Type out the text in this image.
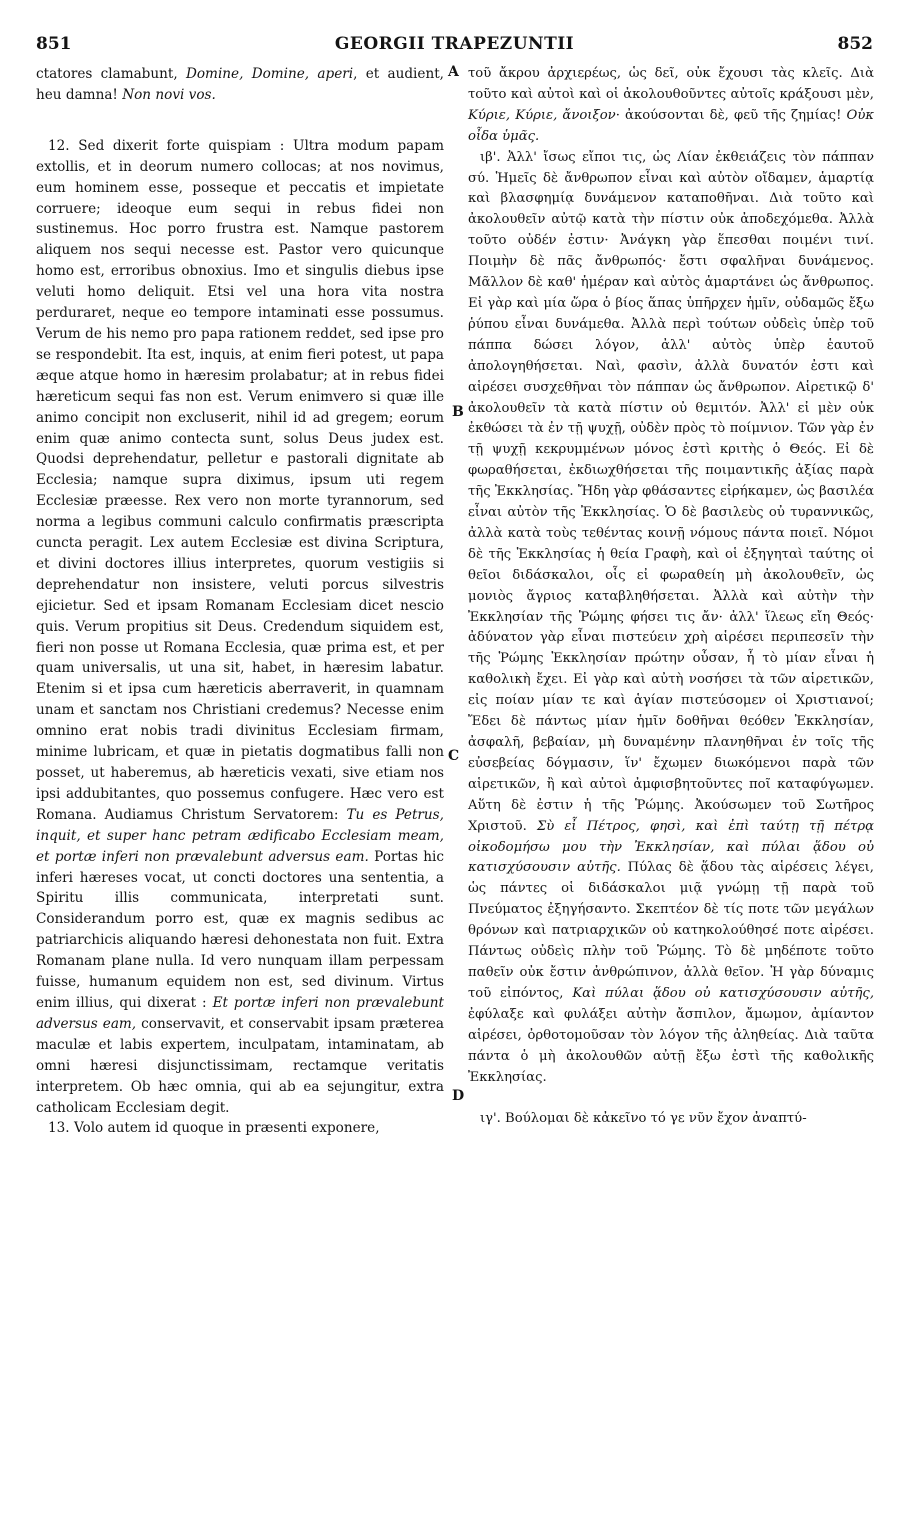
851	GEORGII TRAPEZUNTII	852

ctatores clamabunt, Domine, Domine, aperi, et audient, heu damna! Non novi vos.

12. Sed dixerit forte quispiam : Ultra modum papam extollis, et in deorum numero collocas; at nos novimus, eum hominem esse, posseque et peccatis et impietate corruere; ideoque eum sequi in rebus fidei non sustinemus. Hoc porro frustra est. Namque pastorem aliquem nos sequi necesse est. Pastor vero quicunque homo est, erroribus obnoxius. Imo et singulis diebus ipse veluti homo deliquit. Etsi vel una hora vita nostra perduraret, neque eo tempore intaminati esse possumus. Verum de his nemo pro papa rationem reddet, sed ipse pro se respondebit. Ita est, inquis, at enim fieri potest, ut papa æque atque homo in hæresim prolabatur; at in rebus fidei hæreticum sequi fas non est. Verum enimvero si quæ ille animo concipit non excluserit, nihil id ad gregem; eorum enim quæ animo contecta sunt, solus Deus judex est. Quodsi deprehendatur, pelletur e pastorali dignitate ab Ecclesia; namque supra diximus, ipsum uti regem Ecclesiæ præesse. Rex vero non morte tyrannorum, sed norma a legibus communi calculo confirmatis præscripta cuncta peragit. Lex autem Ecclesiæ est divina Scriptura, et divini doctores illius interpretes, quorum vestigiis si deprehendatur non insistere, veluti porcus silvestris ejicietur. Sed et ipsam Romanam Ecclesiam dicet nescio quis. Verum propitius sit Deus. Credendum siquidem est, fieri non posse ut Romana Ecclesia, quæ prima est, et per quam universalis, ut una sit, habet, in hæresim labatur. Etenim si et ipsa cum hæreticis aberraverit, in quamnam unam et sanctam nos Christiani credemus? Necesse enim omnino erat nobis tradi divinitus Ecclesiam firmam, minime lubricam, et quæ in pietatis dogmatibus falli non posset, ut haberemus, ab hæreticis vexati, sive etiam nos ipsi addubitantes, quo possemus confugere. Hæc vero est Romana. Audiamus Christum Servatorem: Tu es Petrus, inquit, et super hanc petram ædificabo Ecclesiam meam, et portæ inferi non prævalebunt adversus eam. Portas hic inferi hæreses vocat, ut concti doctores una sententia, a Spiritu illis communicata, interpretati sunt. Considerandum porro est, quæ ex magnis sedibus ac patriarchicis aliquando hæresi dehonestata non fuit. Extra Romanam plane nulla. Id vero nunquam illam perpessam fuisse, humanum equidem non est, sed divinum. Virtus enim illius, qui dixerat : Et portæ inferi non prævalebunt adversus eam, conservavit, et conservabit ipsam præterea maculæ et labis expertem, inculpatam, intaminatam, ab omni hæresi disjunctissimam, rectamque veritatis interpretem. Ob hæc omnia, qui ab ea sejungitur, extra catholicam Ecclesiam degit.

13. Volo autem id quoque in præsenti exponere,

A
B
C
D

τοῦ ἄκρου ἀρχιερέως, ὡς δεῖ, οὐκ ἔχουσι τὰς κλεῖς. Διὰ τοῦτο καὶ αὐτοὶ καὶ οἱ ἀκολουθοῦντες αὐτοῖς κράξουσι μὲν, Κύριε, Κύριε, ἄνοιξον· ἀκούσονται δὲ, φεῦ τῆς ζημίας! Οὐκ οἶδα ὑμᾶς.

ιβ'. Ἀλλ' ἴσως εἴποι τις, ὡς Λίαν ἐκθειάζεις τὸν πάππαν σύ. Ἡμεῖς δὲ ἄνθρωπον εἶναι καὶ αὐτὸν οἴδαμεν, ἁμαρτίᾳ καὶ βλασφημίᾳ δυνάμενον καταποθῆναι. Διὰ τοῦτο καὶ ἀκολουθεῖν αὐτῷ κατὰ τὴν πίστιν οὐκ ἀποδεχόμεθα. Ἀλλὰ τοῦτο οὐδέν ἐστιν· Ἀνάγκη γὰρ ἕπεσθαι ποιμένι τινί. Ποιμὴν δὲ πᾶς ἄνθρωπός· ἔστι σφαλῆναι δυνάμενος. Μᾶλλον δὲ καθ' ἡμέραν καὶ αὐτὸς ἁμαρτάνει ὡς ἄνθρωπος. Εἰ γὰρ καὶ μία ὥρα ὁ βίος ἅπας ὑπῆρχεν ἡμῖν, οὐδαμῶς ἔξω ῥύπου εἶναι δυνάμεθα. Ἀλλὰ περὶ τούτων οὐδεὶς ὑπὲρ τοῦ πάππα δώσει λόγον, ἀλλ' αὐτὸς ὑπὲρ ἑαυτοῦ ἀπολογηθήσεται. Ναὶ, φασὶν, ἀλλὰ δυνατόν ἐστι καὶ αἱρέσει συσχεθῆναι τὸν πάππαν ὡς ἄνθρωπον. Αἱρετικῷ δ' ἀκολουθεῖν τὰ κατὰ πίστιν οὐ θεμιτόν. Ἀλλ' εἰ μὲν οὐκ ἐκθώσει τὰ ἐν τῇ ψυχῇ, οὐδὲν πρὸς τὸ ποίμνιον. Τῶν γὰρ ἐν τῇ ψυχῇ κεκρυμμένων μόνος ἐστὶ κριτὴς ὁ Θεός. Εἰ δὲ φωραθήσεται, ἐκδιωχθήσεται τῆς ποιμαντικῆς ἀξίας παρὰ τῆς Ἐκκλησίας. Ἤδη γὰρ φθάσαντες εἰρήκαμεν, ὡς βασιλέα εἶναι αὐτὸν τῆς Ἐκκλησίας. Ὁ δὲ βασιλεὺς οὐ τυραννικῶς, ἀλλὰ κατὰ τοὺς τεθέντας κοινῇ νόμους πάντα ποιεῖ. Νόμοι δὲ τῆς Ἐκκλησίας ἡ θεία Γραφὴ, καὶ οἱ ἐξηγηταὶ ταύτης οἱ θεῖοι διδάσκαλοι, οἷς εἰ φωραθείη μὴ ἀκολουθεῖν, ὡς μονιὸς ἄγριος καταβληθήσεται. Ἀλλὰ καὶ αὐτὴν τὴν Ἐκκλησίαν τῆς Ῥώμης φήσει τις ἄν· ἀλλ' ἵλεως εἴη Θεός· ἀδύνατον γὰρ εἶναι πιστεύειν χρὴ αἱρέσει περιπεσεῖν τὴν τῆς Ῥώμης Ἐκκλησίαν πρώτην οὖσαν, ἧ τὸ μίαν εἶναι ἡ καθολικὴ ἔχει. Εἰ γὰρ καὶ αὐτὴ νοσήσει τὰ τῶν αἱρετικῶν, εἰς ποίαν μίαν τε καὶ ἁγίαν πιστεύσομεν οἱ Χριστιανοί; Ἔδει δὲ πάντως μίαν ἡμῖν δοθῆναι θεόθεν Ἐκκλησίαν, ἀσφαλῆ, βεβαίαν, μὴ δυναμένην πλανηθῆναι ἐν τοῖς τῆς εὐσεβείας δόγμασιν, ἵν' ἔχωμεν διωκόμενοι παρὰ τῶν αἱρετικῶν, ἢ καὶ αὐτοὶ ἀμφισβητοῦντες ποῖ καταφύγωμεν. Αὕτη δὲ ἐστιν ἡ τῆς Ῥώμης. Ἀκούσωμεν τοῦ Σωτῆρος Χριστοῦ. Σὺ εἶ Πέτρος, φησὶ, καὶ ἐπὶ ταύτῃ τῇ πέτρᾳ οἰκοδομήσω μου τὴν Ἐκκλησίαν, καὶ πύλαι ᾅδου οὐ κατισχύσουσιν αὐτῆς. Πύλας δὲ ᾅδου τὰς αἱρέσεις λέγει, ὡς πάντες οἱ διδάσκαλοι μιᾷ γνώμῃ τῇ παρὰ τοῦ Πνεύματος ἐξηγήσαντο. Σκεπτέον δὲ τίς ποτε τῶν μεγάλων θρόνων καὶ πατριαρχικῶν οὐ κατηκολούθησέ ποτε αἱρέσει. Πάντως οὐδεὶς πλὴν τοῦ Ῥώμης. Τὸ δὲ μηδέποτε τοῦτο παθεῖν οὐκ ἔστιν ἀνθρώπινον, ἀλλὰ θεῖον. Ἡ γὰρ δύναμις τοῦ εἰπόντος, Καὶ πύλαι ᾅδου οὐ κατισχύσουσιν αὐτῆς, ἐφύλαξε καὶ φυλάξει αὐτὴν ἄσπιλον, ἄμωμον, ἀμίαντον αἱρέσει, ὀρθοτομοῦσαν τὸν λόγον τῆς ἀληθείας. Διὰ ταῦτα πάντα ὁ μὴ ἀκολουθῶν αὐτῇ ἔξω ἐστὶ τῆς καθολικῆς Ἐκκλησίας.

ιγ'. Βούλομαι δὲ κἀκεῖνο τό γε νῦν ἔχον ἀναπτύ-
